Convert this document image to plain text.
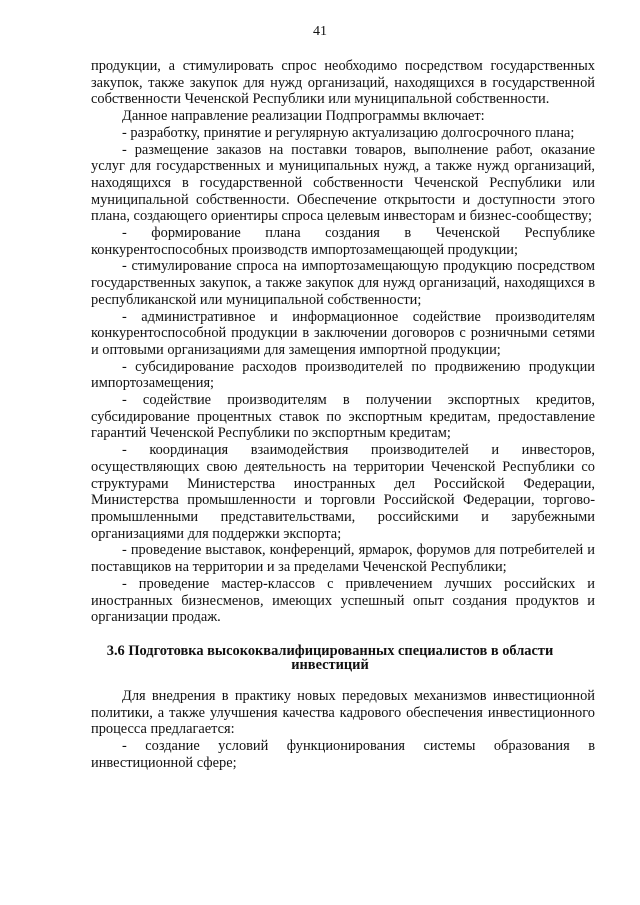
41

продукции, а стимулировать спрос необходимо посредством государственных закупок, также закупок для нужд организаций, находящихся в государственной собственности Чеченской Республики или муниципальной собственности.

Данное направление реализации Подпрограммы включает:

- разработку, принятие и регулярную актуализацию долгосрочного плана;

- размещение заказов на поставки товаров, выполнение работ, оказание услуг для государственных и муниципальных нужд, а также нужд организаций, находящихся в государственной собственности Чеченской Республики или муниципальной собственности. Обеспечение открытости и доступности этого плана, создающего ориентиры спроса целевым инвесторам и бизнес-сообществу;

- формирование плана создания в Чеченской Республике конкурентоспособных производств импортозамещающей продукции;

- стимулирование спроса на импортозамещающую продукцию посредством государственных закупок, а также закупок для нужд организаций, находящихся в республиканской или муниципальной собственности;

- административное и информационное содействие производителям конкурентоспособной продукции в заключении договоров с розничными сетями и оптовыми организациями для замещения импортной продукции;

- субсидирование расходов производителей по продвижению продукции импортозамещения;

- содействие производителям в получении экспортных кредитов, субсидирование процентных ставок по экспортным кредитам, предоставление гарантий Чеченской Республики по экспортным кредитам;

- координация взаимодействия производителей и инвесторов, осуществляющих свою деятельность на территории Чеченской Республики со структурами Министерства иностранных дел Российской Федерации, Министерства промышленности и торговли Российской Федерации, торгово-промышленными представительствами, российскими и зарубежными организациями для поддержки экспорта;

- проведение выставок, конференций, ярмарок, форумов для потребителей и поставщиков на территории и за пределами Чеченской Республики;

- проведение мастер-классов с привлечением лучших российских и иностранных бизнесменов, имеющих успешный опыт создания продуктов и организации продаж.

3.6 Подготовка высококвалифицированных специалистов в области инвестиций

Для внедрения в практику новых передовых механизмов инвестиционной политики, а также улучшения качества кадрового обеспечения инвестиционного процесса предлагается:

- создание условий функционирования системы образования в инвестиционной сфере;
